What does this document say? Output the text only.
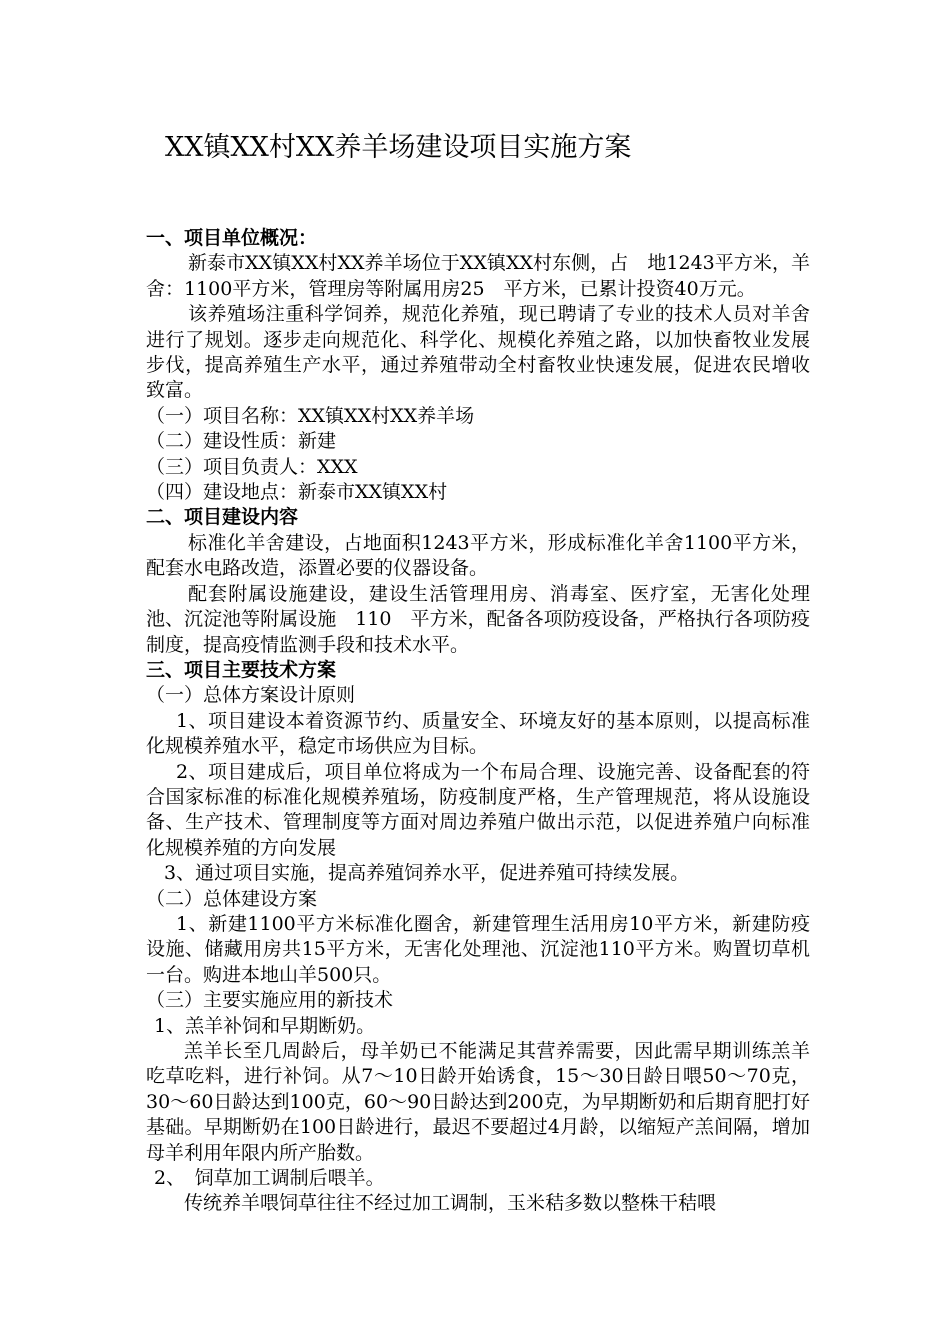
XX镇XX村XX养羊场建设项目实施方案

一、项目单位概况：

新泰市XX镇XX村XX养羊场位于XX镇XX村东侧，占　地1243平方米，羊舍：1100平方米，管理房等附属用房25　平方米，已累计投资40万元。

该养殖场注重科学饲养，规范化养殖，现已聘请了专业的技术人员对羊舍进行了规划。逐步走向规范化、科学化、规模化养殖之路，以加快畜牧业发展步伐，提高养殖生产水平，通过养殖带动全村畜牧业快速发展，促进农民增收致富。

（一）项目名称：XX镇XX村XX养羊场

（二）建设性质：新建

（三）项目负责人：XXX

（四）建设地点：新泰市XX镇XX村

二、项目建设内容

标准化羊舍建设，占地面积1243平方米，形成标准化羊舍1100平方米，配套水电路改造，添置必要的仪器设备。

配套附属设施建设，建设生活管理用房、消毒室、医疗室，无害化处理池、沉淀池等附属设施　110　平方米，配备各项防疫设备，严格执行各项防疫制度，提高疫情监测手段和技术水平。

三、项目主要技术方案

（一）总体方案设计原则

1、项目建设本着资源节约、质量安全、环境友好的基本原则，以提高标准化规模养殖水平，稳定市场供应为目标。

2、项目建成后，项目单位将成为一个布局合理、设施完善、设备配套的符合国家标准的标准化规模养殖场，防疫制度严格，生产管理规范，将从设施设备、生产技术、管理制度等方面对周边养殖户做出示范，以促进养殖户向标准化规模养殖的方向发展

3、通过项目实施，提高养殖饲养水平，促进养殖可持续发展。

（二）总体建设方案

1、新建1100平方米标准化圈舍，新建管理生活用房10平方米，新建防疫设施、储藏用房共15平方米，无害化处理池、沉淀池110平方米。购置切草机一台。购进本地山羊500只。

（三）主要实施应用的新技术

1、羔羊补饲和早期断奶。

羔羊长至几周龄后，母羊奶已不能满足其营养需要，因此需早期训练羔羊吃草吃料，进行补饲。从7～10日龄开始诱食，15～30日龄日喂50～70克，30～60日龄达到100克，60～90日龄达到200克，为早期断奶和后期育肥打好基础。早期断奶在100日龄进行，最迟不要超过4月龄，以缩短产羔间隔，增加母羊利用年限内所产胎数。

2、　饲草加工调制后喂羊。

传统养羊喂饲草往往不经过加工调制，玉米秸多数以整株干秸喂
